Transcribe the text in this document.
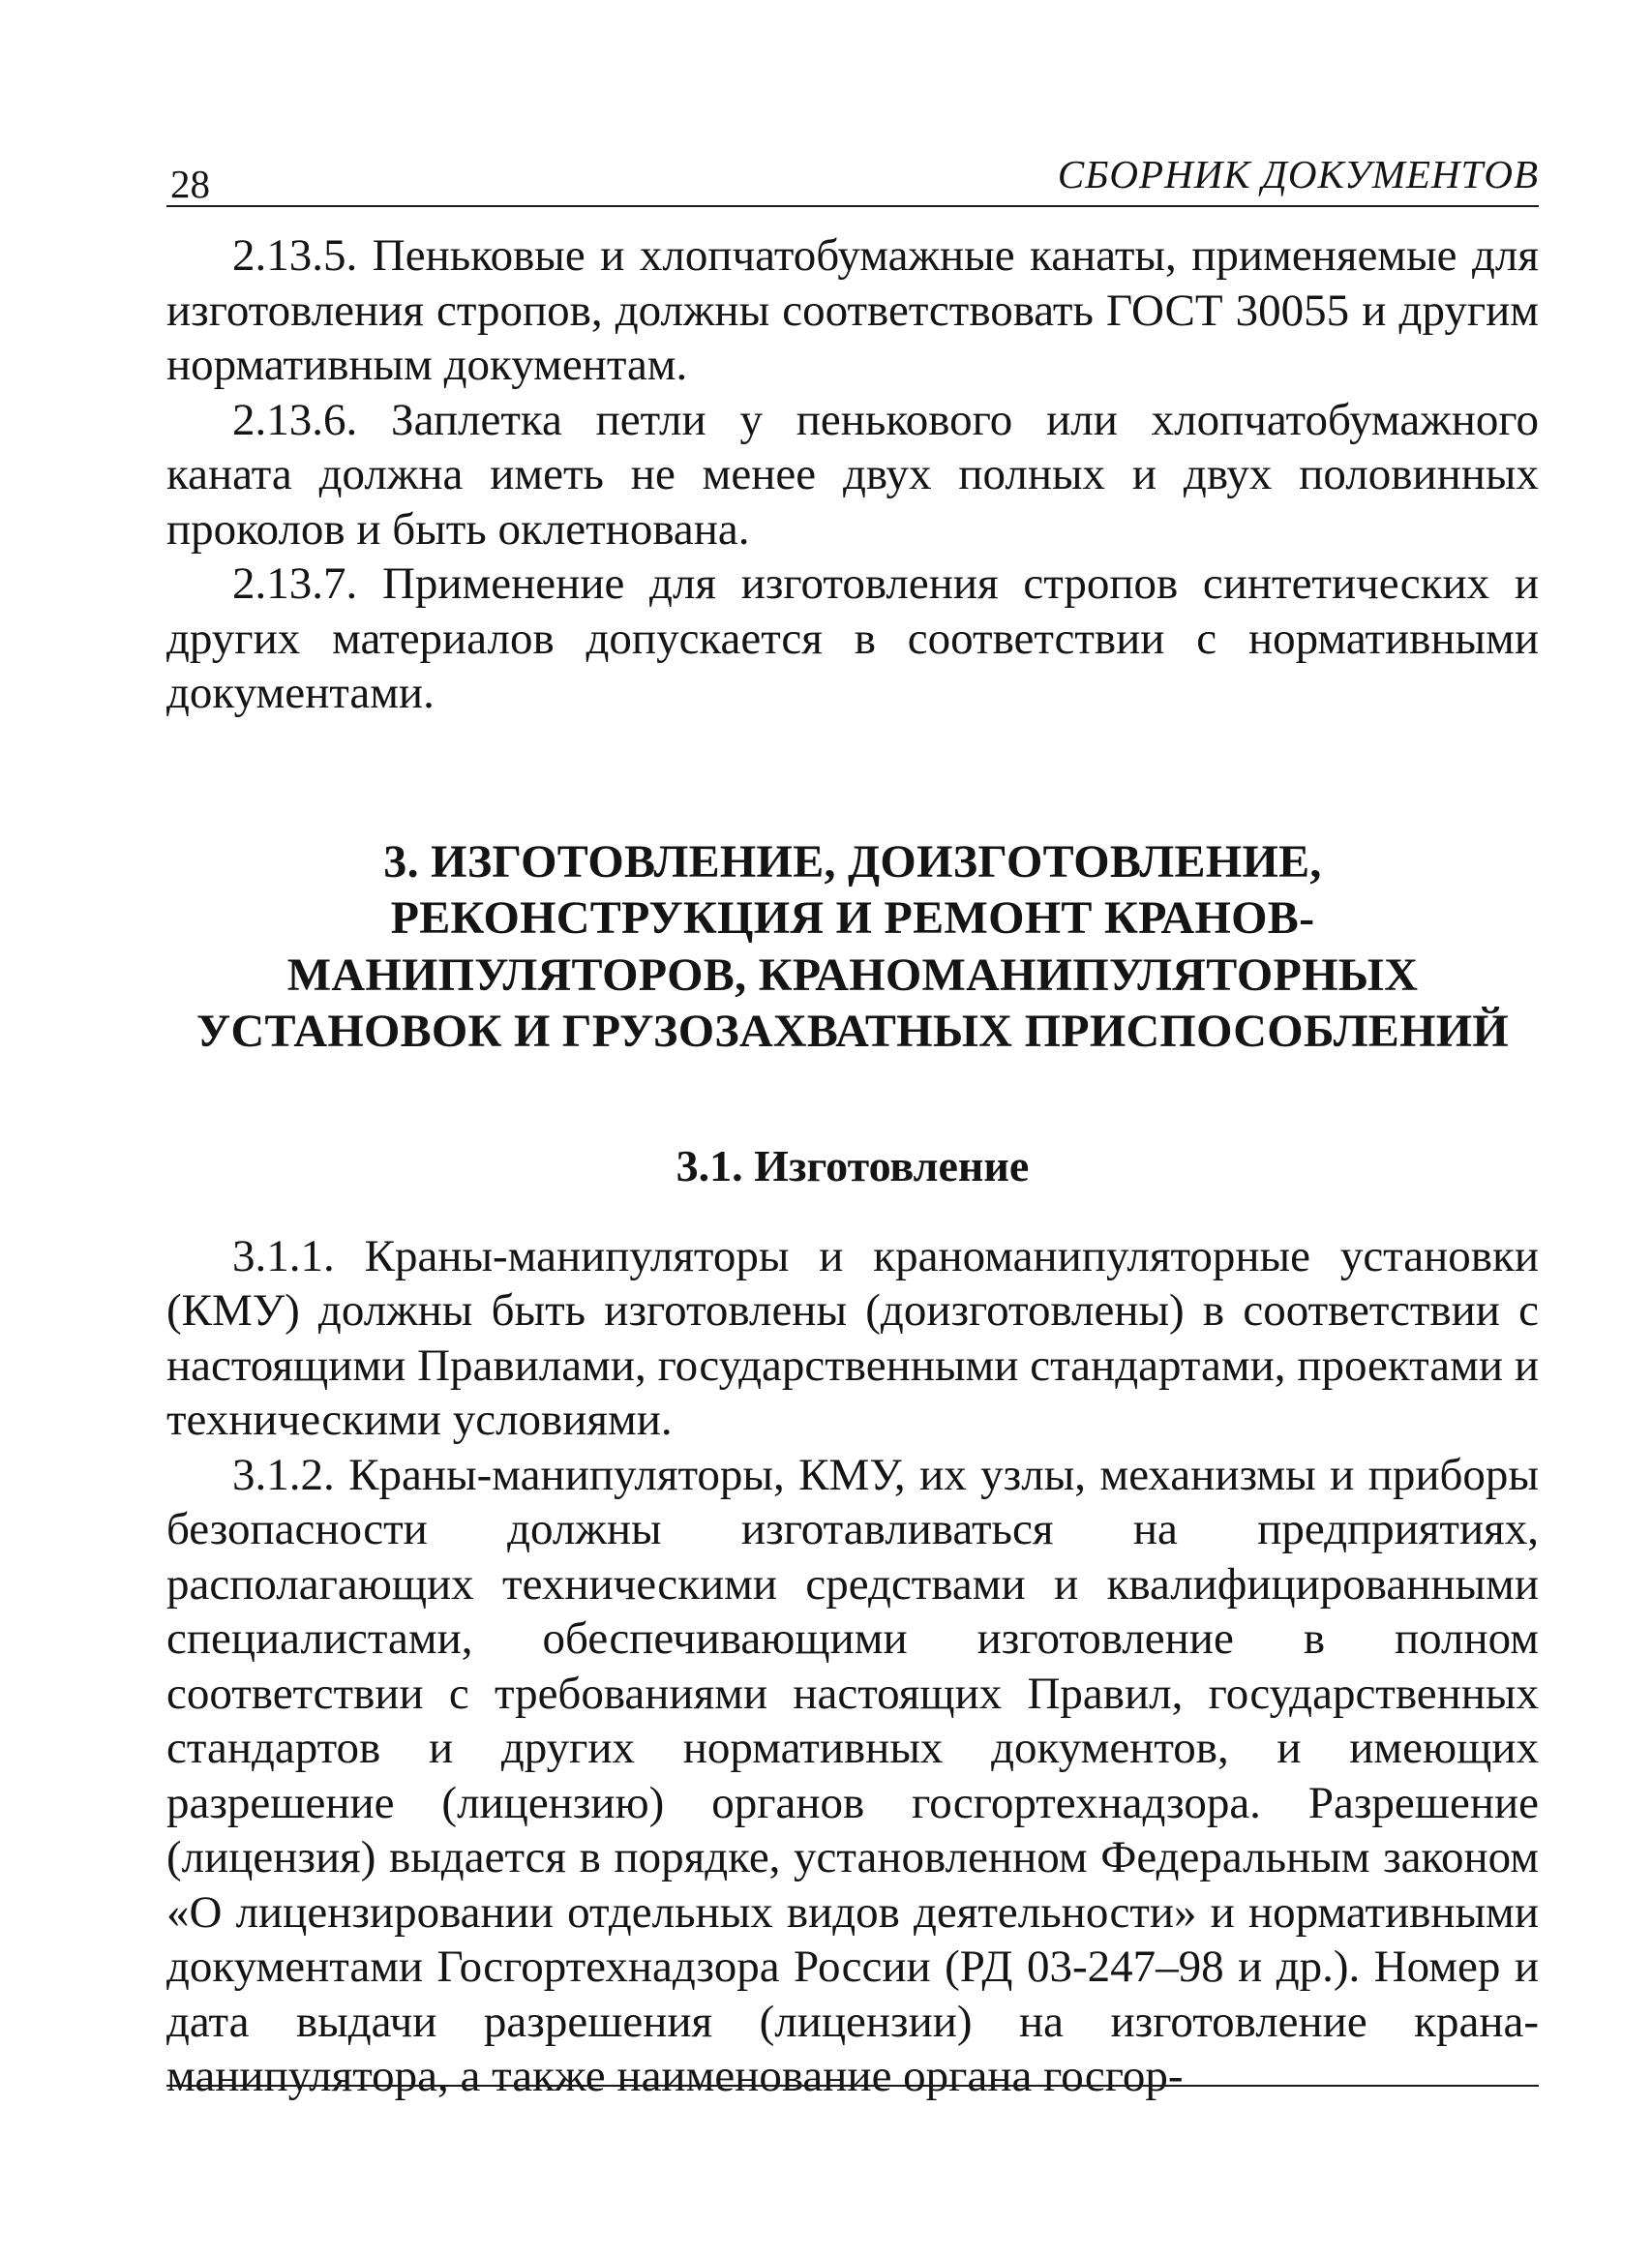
28	СБОРНИК ДОКУМЕНТОВ

2.13.5. Пеньковые и хлопчатобумажные канаты, применяемые для изготовления стропов, должны соответствовать ГОСТ 30055 и другим нормативным документам.

2.13.6. Заплетка петли у пенькового или хлопчатобумажного каната должна иметь не менее двух полных и двух половинных проколов и быть оклетнована.

2.13.7. Применение для изготовления стропов синтетических и других материалов допускается в соответствии с нормативными документами.

3. ИЗГОТОВЛЕНИЕ, ДОИЗГОТОВЛЕНИЕ, РЕКОНСТРУКЦИЯ И РЕМОНТ КРАНОВ-МАНИПУЛЯТОРОВ, КРАНОМАНИПУЛЯТОРНЫХ УСТАНОВОК И ГРУЗОЗАХВАТНЫХ ПРИСПОСОБЛЕНИЙ
3.1. Изготовление

3.1.1. Краны-манипуляторы и краноманипуляторные установки (КМУ) должны быть изготовлены (доизготовлены) в соответствии с настоящими Правилами, государственными стандартами, проектами и техническими условиями.

3.1.2. Краны-манипуляторы, КМУ, их узлы, механизмы и приборы безопасности должны изготавливаться на предприятиях, располагающих техническими средствами и квалифицированными специалистами, обеспечивающими изготовление в полном соответствии с требованиями настоящих Правил, государственных стандартов и других нормативных документов, и имеющих разрешение (лицензию) органов госгортехнадзора. Разрешение (лицензия) выдается в порядке, установленном Федеральным законом «О лицензировании отдельных видов деятельности» и нормативными документами Госгортехнадзора России (РД 03-247–98 и др.). Номер и дата выдачи разрешения (лицензии) на изготовление крана-манипулятора, а также наименование органа госгор-
